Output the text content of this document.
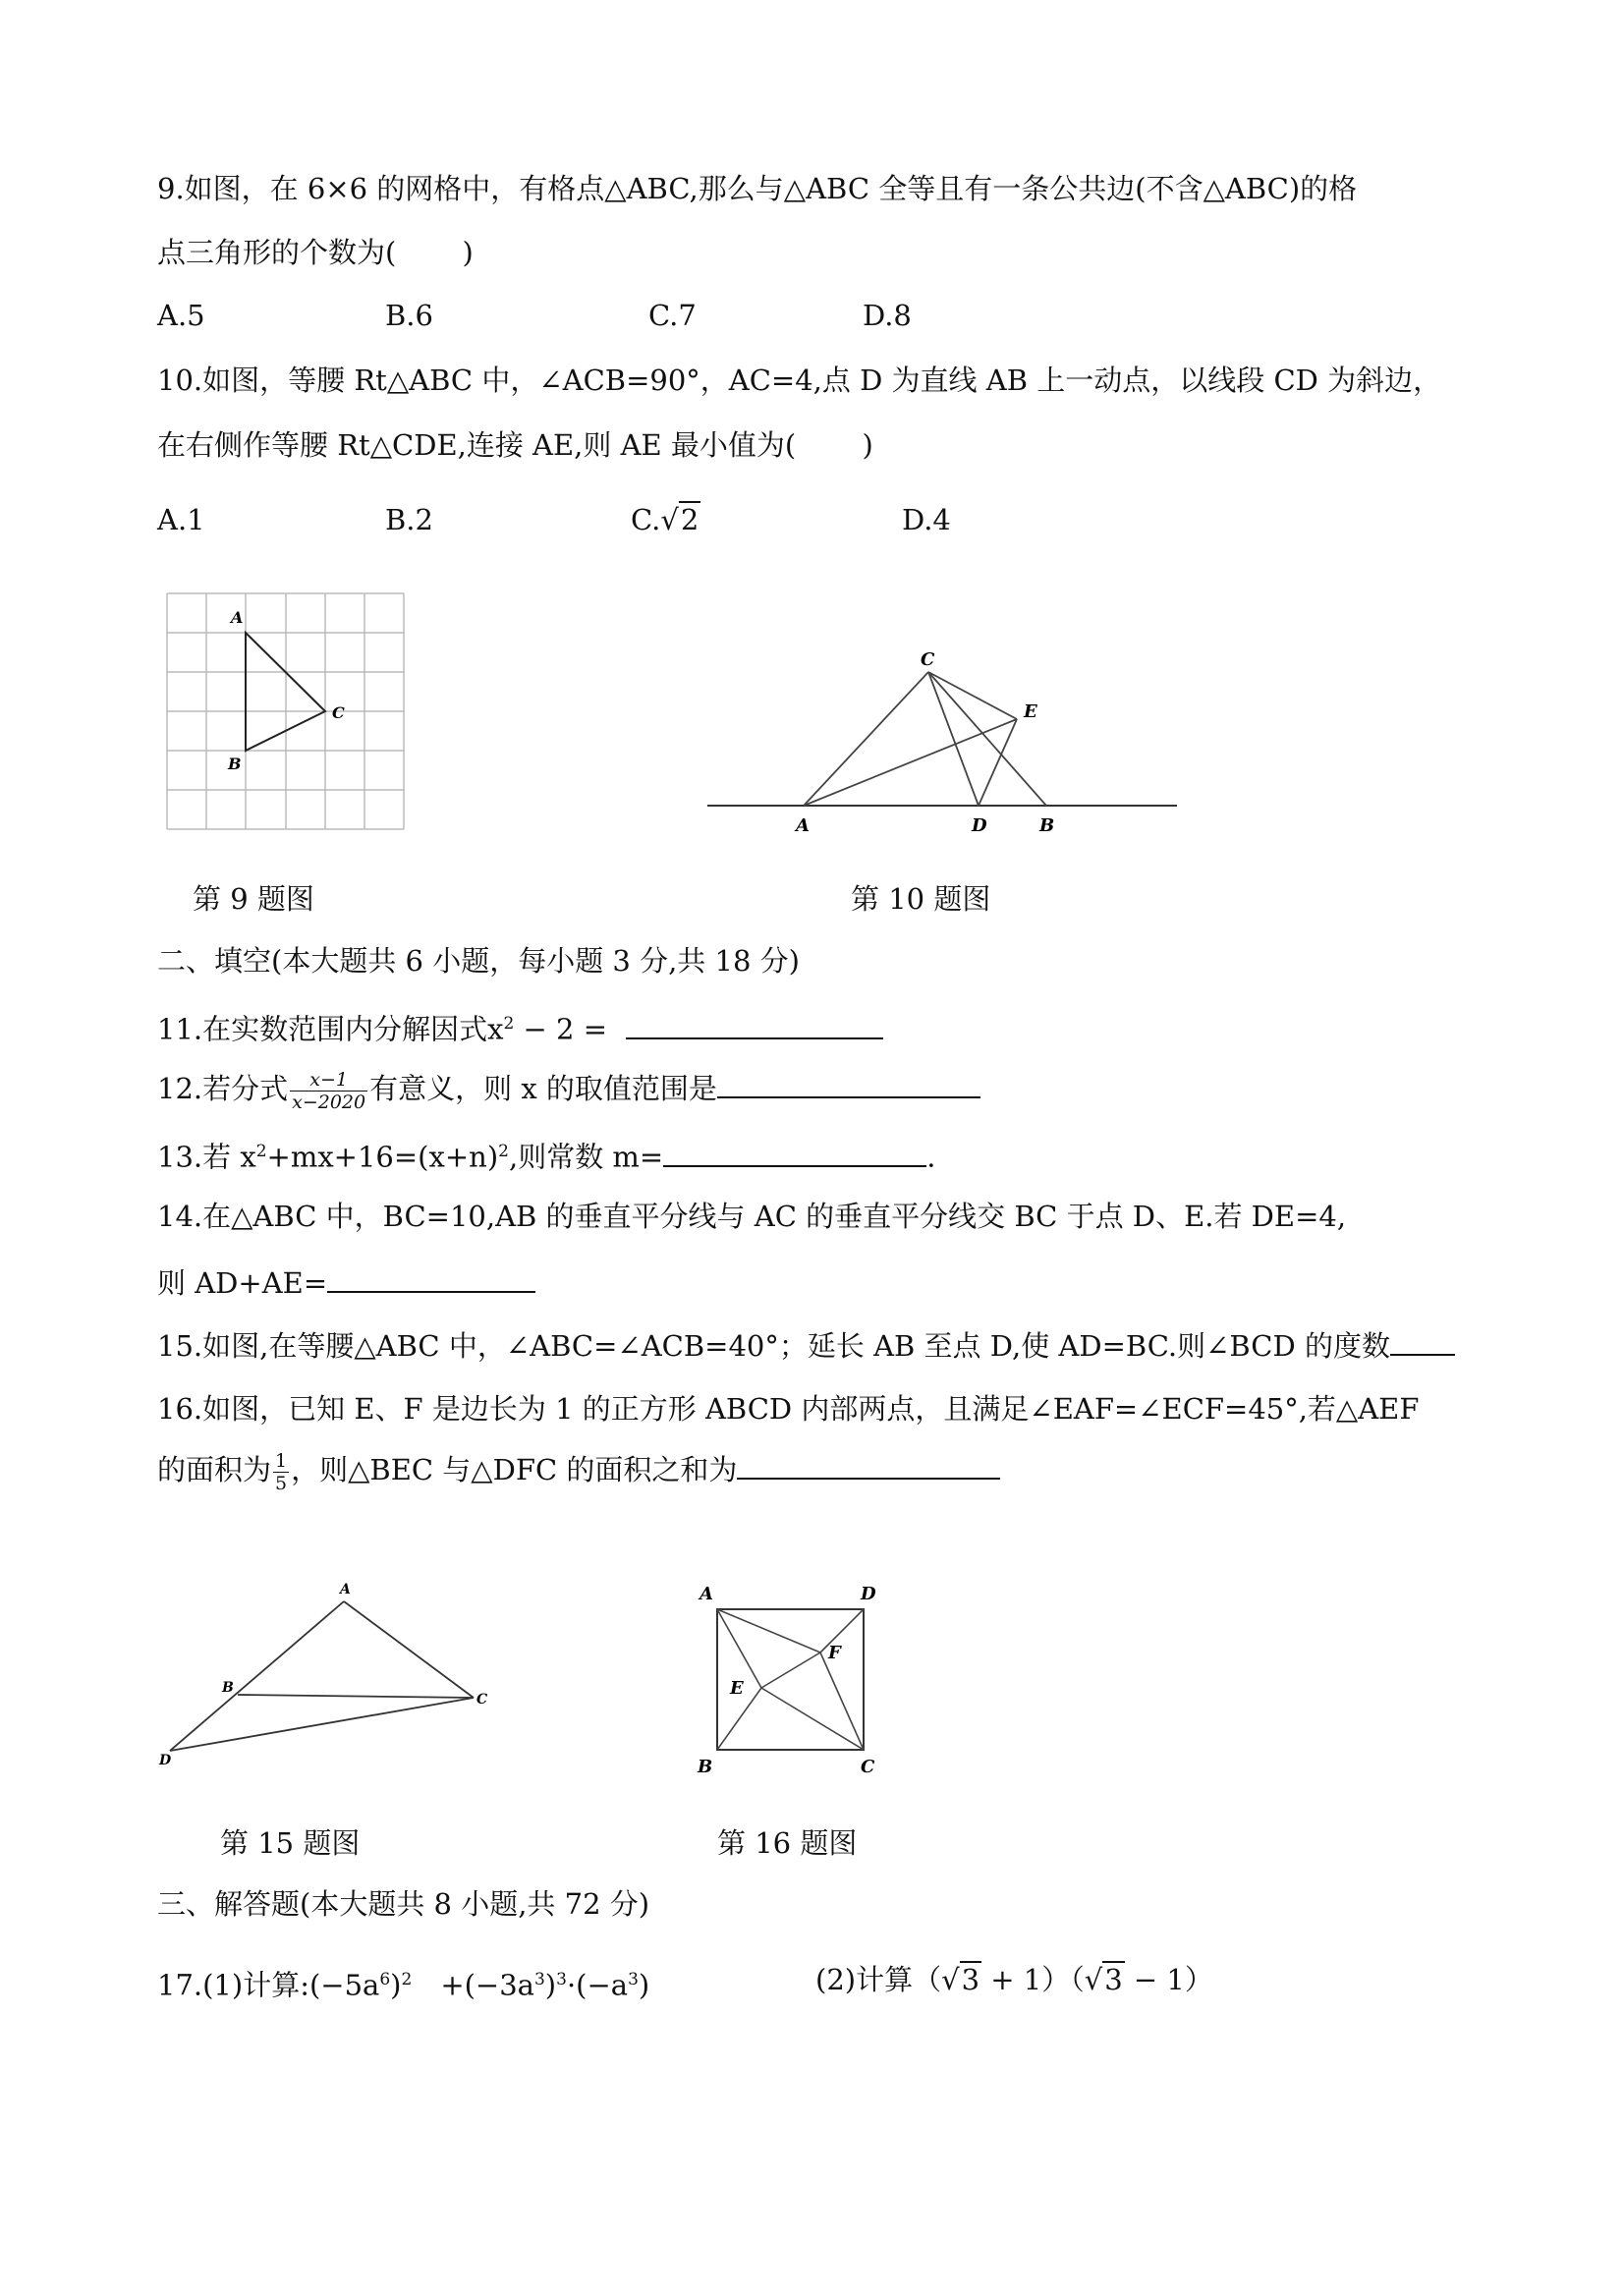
9.如图，在 6×6 的网格中，有格点△ABC,那么与△ABC 全等且有一条公共边(不含△ABC)的格
点三角形的个数为(　　 )
A.5	B.6	C.7	D.8
10.如图，等腰 Rt△ABC 中，∠ACB=90°，AC=4,点 D 为直线 AB 上一动点，以线段 CD 为斜边，
在右侧作等腰 Rt△CDE,连接 AE,则 AE 最小值为(　　 )
A.1	B.2	C.√2	D.4
A
B
C
第 9 题图
C
E
A	D	B
第 10 题图
二、填空(本大题共 6 小题，每小题 3 分,共 18 分)
11.在实数范围内分解因式$x^2 - 2$ =
12.若分式 $\frac{x-1}{x-2020}$ 有意义，则 x 的取值范围是
13.若 $x^2+mx+16=(x+n)^2$,则常数 m=	.
14.在△ABC 中，BC=10,AB 的垂直平分线与 AC 的垂直平分线交 BC 于点 D、E.若 DE=4,
则 AD+AE=
15.如图,在等腰△ABC 中，∠ABC=∠ACB=40°；延长 AB 至点 D,使 AD=BC.则∠BCD 的度数
16.如图，已知 E、F 是边长为 1 的正方形 ABCD 内部两点，且满足∠EAF=∠ECF=45°,若△AEF
的面积为 $\frac{1}{5}$ ，则△BEC 与△DFC 的面积之和为
A
B
C
D
第 15 题图
A	D
F
E
B	C
第 16 题图
三、解答题(本大题共 8 小题,共 72 分)
17.(1)计算$:(-5a^6)^2$　$+(-3a^3)^3\cdot(-a^3)$	(2)计算（√3 + 1）（√3 − 1）
